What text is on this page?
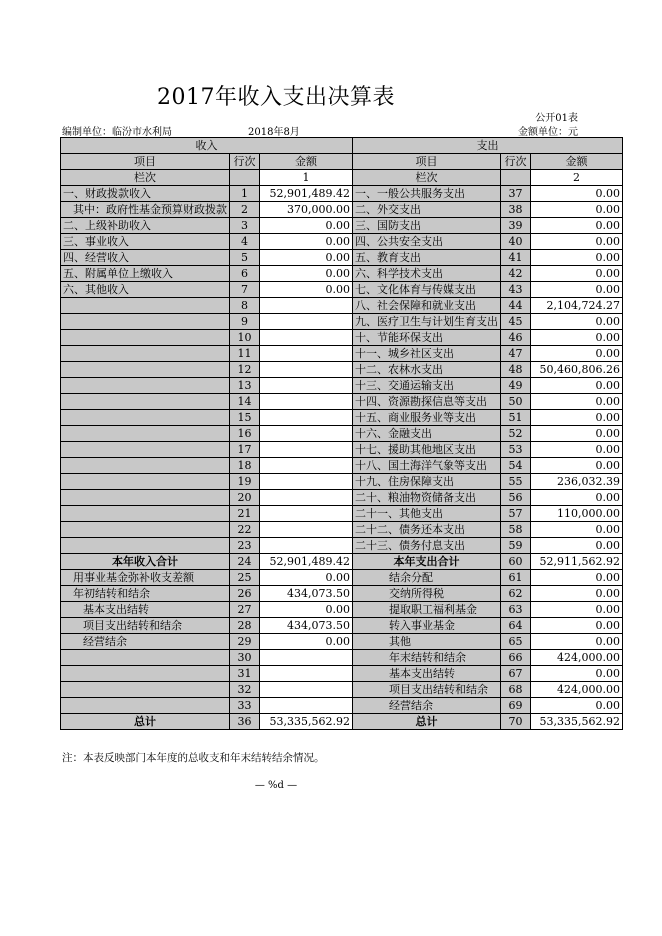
2017年收入支出决算表
公开01表
编制单位：临汾市水利局	2018年8月	金额单位：元
收入			支出		
项目	行次	金额	项目	行次	金额
栏次		1	栏次		2
一、财政拨款收入	1	52,901,489.42	一、一般公共服务支出	37	0.00
其中：政府性基金预算财政拨款	2	370,000.00	二、外交支出	38	0.00
二、上级补助收入	3	0.00	三、国防支出	39	0.00
三、事业收入	4	0.00	四、公共安全支出	40	0.00
四、经营收入	5	0.00	五、教育支出	41	0.00
五、附属单位上缴收入	6	0.00	六、科学技术支出	42	0.00
六、其他收入	7	0.00	七、文化体育与传媒支出	43	0.00
	8		八、社会保障和就业支出	44	2,104,724.27
	9		九、医疗卫生与计划生育支出	45	0.00
	10		十、节能环保支出	46	0.00
	11		十一、城乡社区支出	47	0.00
	12		十二、农林水支出	48	50,460,806.26
	13		十三、交通运输支出	49	0.00
	14		十四、资源勘探信息等支出	50	0.00
	15		十五、商业服务业等支出	51	0.00
	16		十六、金融支出	52	0.00
	17		十七、援助其他地区支出	53	0.00
	18		十八、国土海洋气象等支出	54	0.00
	19		十九、住房保障支出	55	236,032.39
	20		二十、粮油物资储备支出	56	0.00
	21		二十一、其他支出	57	110,000.00
	22		二十二、债务还本支出	58	0.00
	23		二十三、债务付息支出	59	0.00
本年收入合计	24	52,901,489.42	本年支出合计	60	52,911,562.92
用事业基金弥补收支差额	25	0.00	结余分配	61	0.00
年初结转和结余	26	434,073.50	交纳所得税	62	0.00
基本支出结转	27	0.00	提取职工福利基金	63	0.00
项目支出结转和结余	28	434,073.50	转入事业基金	64	0.00
经营结余	29	0.00	其他	65	0.00
	30		年末结转和结余	66	424,000.00
	31		基本支出结转	67	0.00
	32		项目支出结转和结余	68	424,000.00
	33		经营结余	69	0.00
总计	36	53,335,562.92	总计	70	53,335,562.92
注：本表反映部门本年度的总收支和年末结转结余情况。
— %d —
